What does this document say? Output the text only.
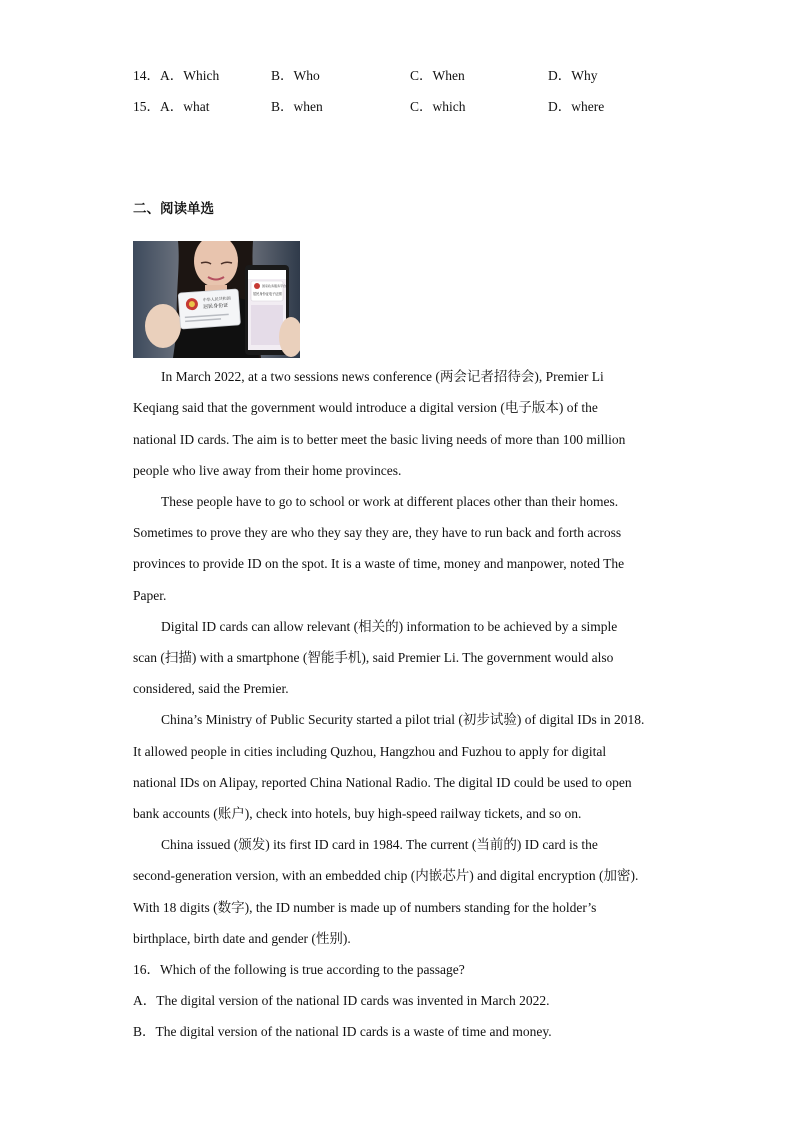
14． A．Which	B．Who	C．When	D．Why
15． A．what	B．when	C．which	D．where
二、阅读单选
中华人民共和国
居民身份证
国家政务服务平台
居民身份证电子证照
In March 2022, at a two sessions news conference (两会记者招待会), Premier Li
Keqiang said that the government would introduce a digital version (电子版本) of the
national ID cards. The aim is to better meet the basic living needs of more than 100 million
people who live away from their home provinces.
These people have to go to school or work at different places other than their homes.
Sometimes to prove they are who they say they are, they have to run back and forth across
provinces to provide ID on the spot. It is a waste of time, money and manpower, noted The
Paper.
Digital ID cards can allow relevant (相关的) information to be achieved by a simple
scan (扫描) with a smartphone (智能手机), said Premier Li. The government would also
considered, said the Premier.
China’s Ministry of Public Security started a pilot trial (初步试验) of digital IDs in 2018.
It allowed people in cities including Quzhou, Hangzhou and Fuzhou to apply for digital
national IDs on Alipay, reported China National Radio. The digital ID could be used to open
bank accounts (账户), check into hotels, buy high-speed railway tickets, and so on.
China issued (颁发) its first ID card in 1984. The current (当前的) ID card is the
second-generation version, with an embedded chip (内嵌芯片) and digital encryption (加密).
With 18 digits (数字), the ID number is made up of numbers standing for the holder’s
birthplace, birth date and gender (性别).
16．Which of the following is true according to the passage?
A．The digital version of the national ID cards was invented in March 2022.
B．The digital version of the national ID cards is a waste of time and money.
